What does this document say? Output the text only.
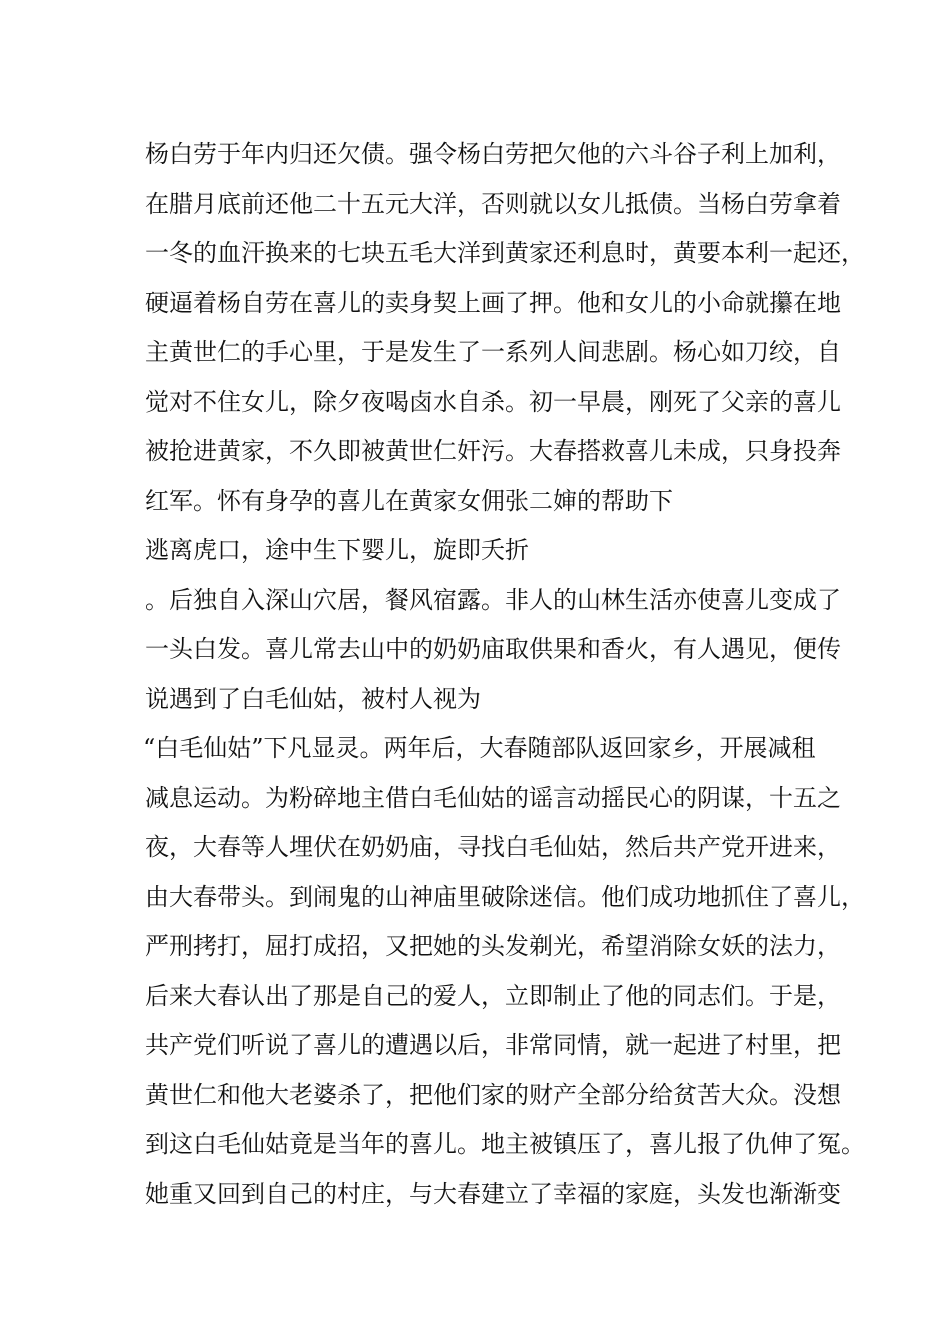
杨白劳于年内归还欠债。强令杨白劳把欠他的六斗谷子利上加利，
在腊月底前还他二十五元大洋，否则就以女儿抵债。当杨白劳拿着
一冬的血汗换来的七块五毛大洋到黄家还利息时，黄要本利一起还，
硬逼着杨自劳在喜儿的卖身契上画了押。他和女儿的小命就攥在地
主黄世仁的手心里，于是发生了一系列人间悲剧。杨心如刀绞，自
觉对不住女儿，除夕夜喝卤水自杀。初一早晨，刚死了父亲的喜儿
被抢进黄家，不久即被黄世仁奸污。大春搭救喜儿未成，只身投奔
红军。怀有身孕的喜儿在黄家女佣张二婶的帮助下
逃离虎口，途中生下婴儿，旋即夭折
。后独自入深山穴居，餐风宿露。非人的山林生活亦使喜儿变成了
一头白发。喜儿常去山中的奶奶庙取供果和香火，有人遇见，便传
说遇到了白毛仙姑，被村人视为
“白毛仙姑”下凡显灵。两年后，大春随部队返回家乡，开展减租
减息运动。为粉碎地主借白毛仙姑的谣言动摇民心的阴谋，十五之
夜，大春等人埋伏在奶奶庙，寻找白毛仙姑，然后共产党开进来，
由大春带头。到闹鬼的山神庙里破除迷信。他们成功地抓住了喜儿，
严刑拷打，屈打成招，又把她的头发剃光，希望消除女妖的法力，
后来大春认出了那是自己的爱人，立即制止了他的同志们。于是，
共产党们听说了喜儿的遭遇以后，非常同情，就一起进了村里，把
黄世仁和他大老婆杀了，把他们家的财产全部分给贫苦大众。没想
到这白毛仙姑竟是当年的喜儿。地主被镇压了，喜儿报了仇伸了冤。
她重又回到自己的村庄，与大春建立了幸福的家庭，头发也渐渐变
